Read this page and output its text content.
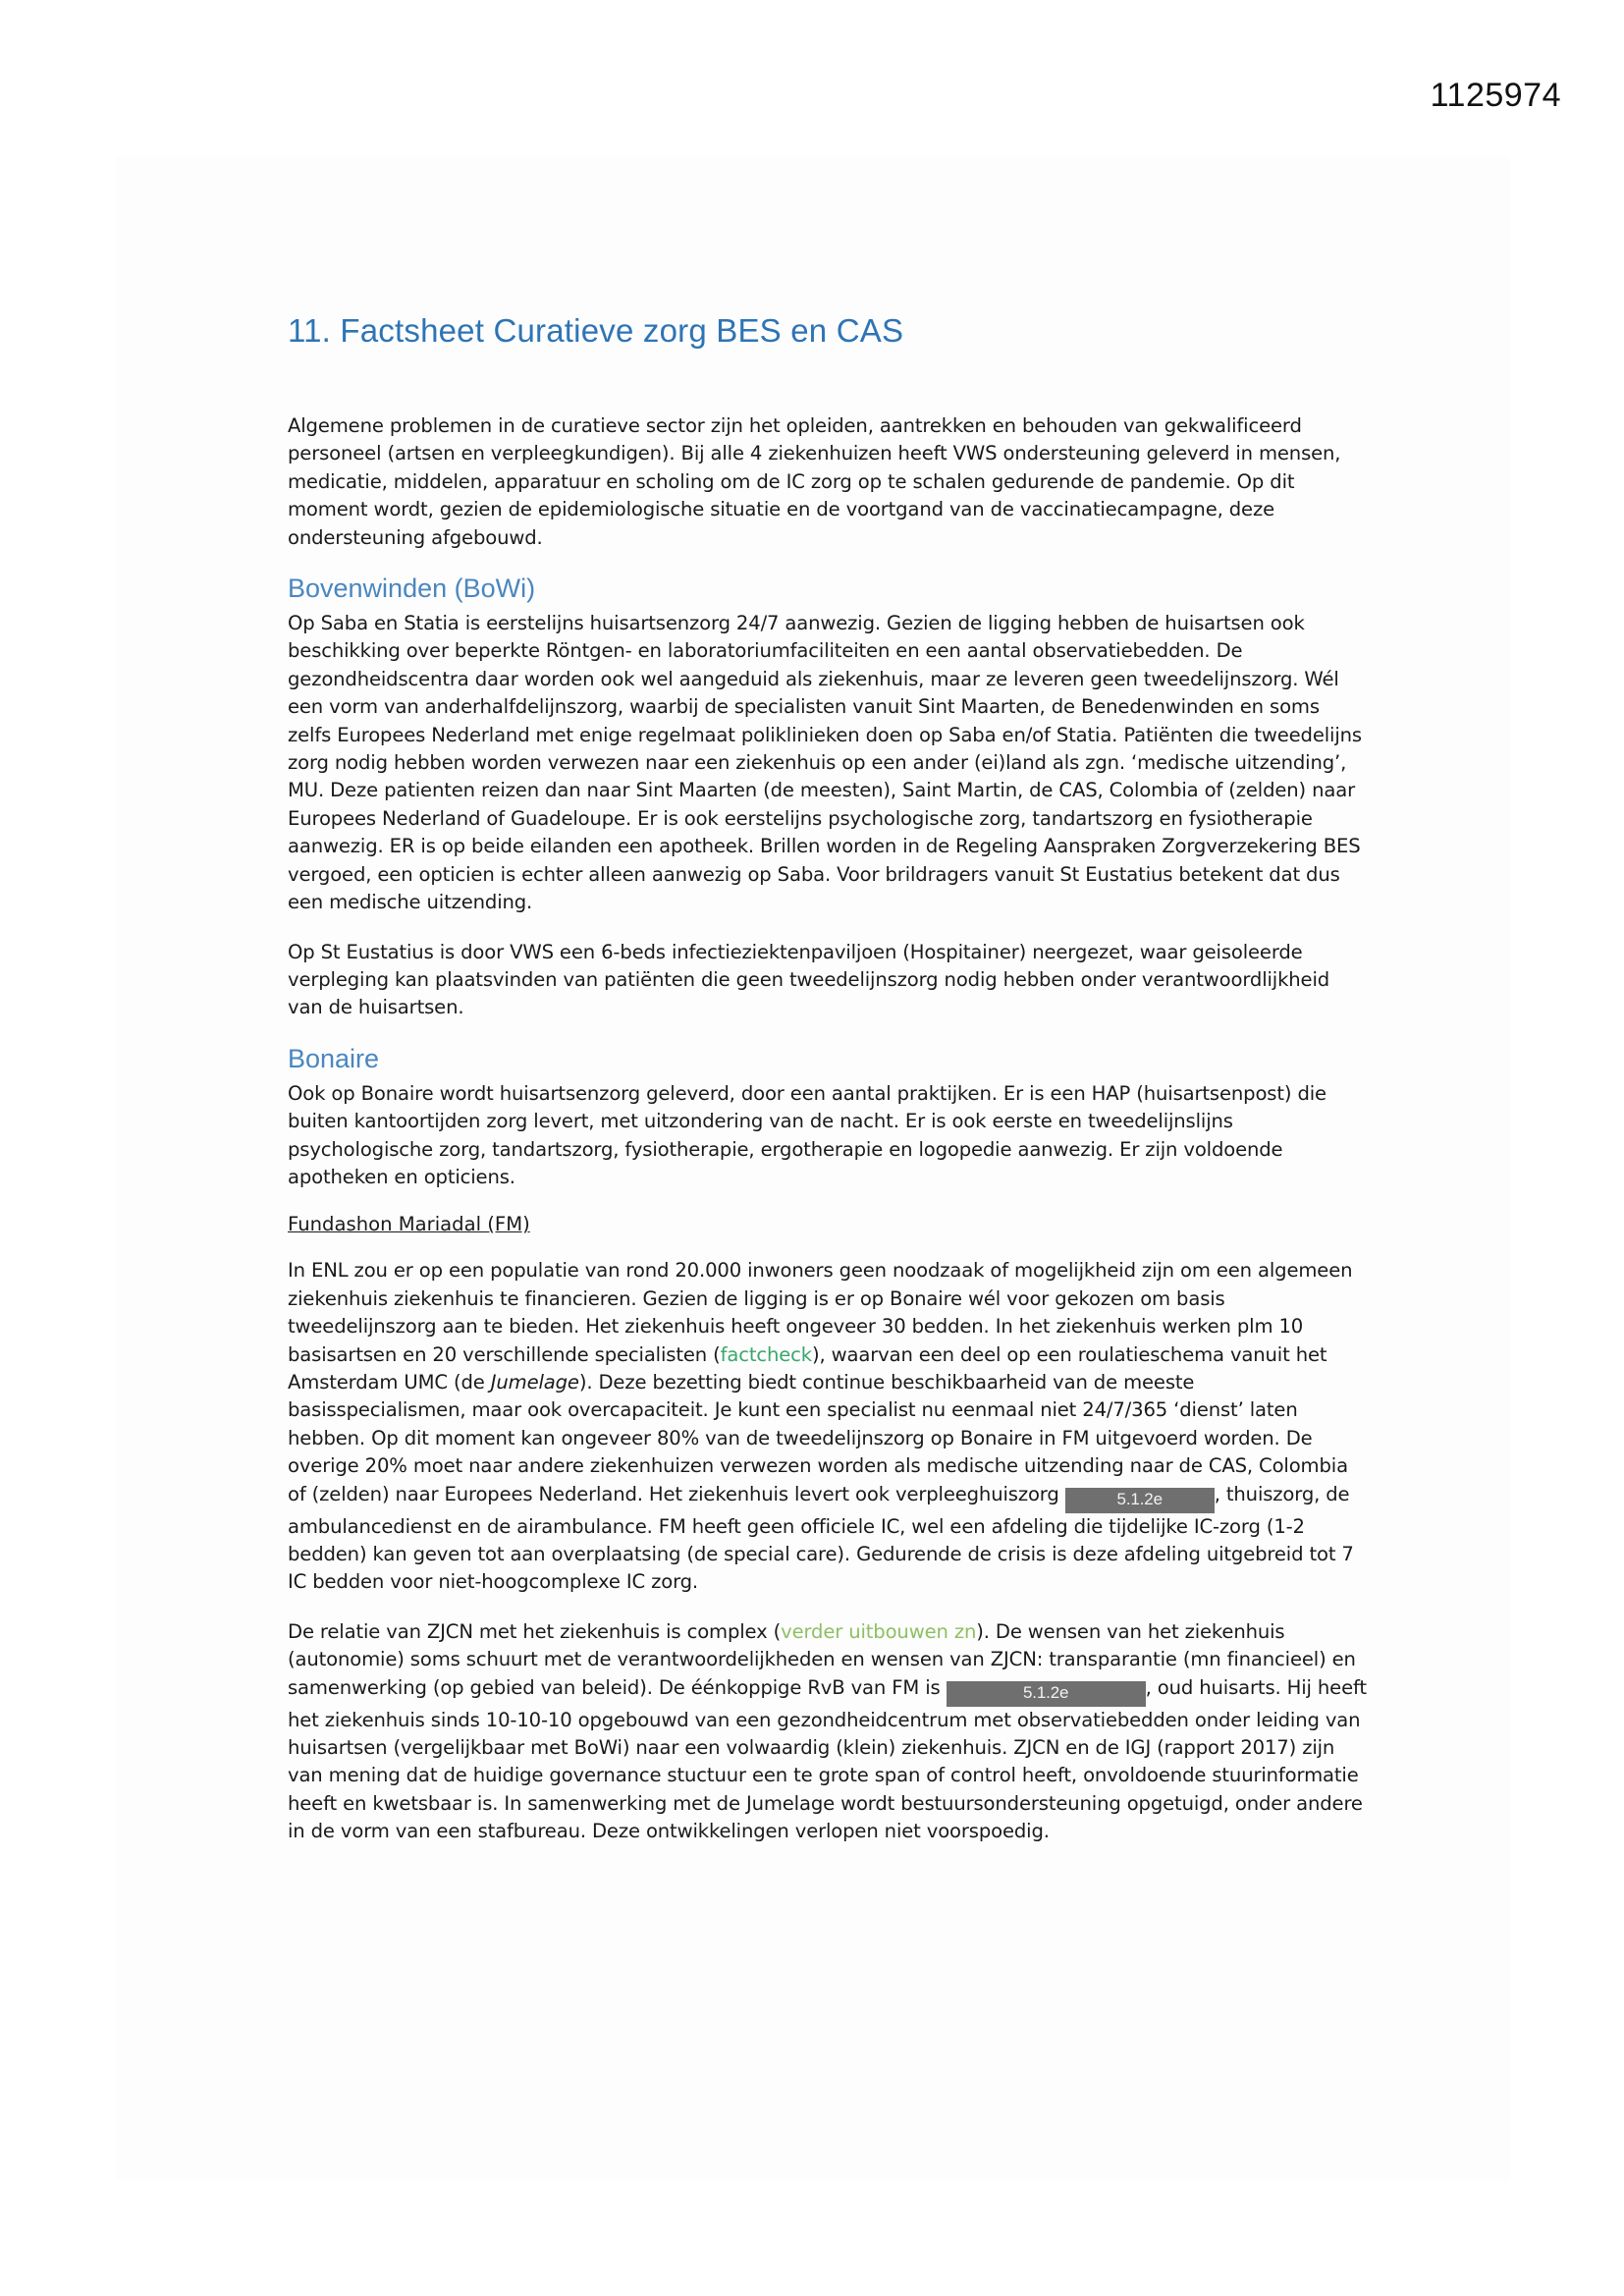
1125974
11. Factsheet Curatieve zorg BES en CAS

Algemene problemen in de curatieve sector zijn het opleiden, aantrekken en behouden van gekwalificeerd personeel (artsen en verpleegkundigen). Bij alle 4 ziekenhuizen heeft VWS ondersteuning geleverd in mensen, medicatie, middelen, apparatuur en scholing om de IC zorg op te schalen gedurende de pandemie. Op dit moment wordt, gezien de epidemiologische situatie en de voortgand van de vaccinatiecampagne, deze ondersteuning afgebouwd.

Bovenwinden (BoWi)

Op Saba en Statia is eerstelijns huisartsenzorg 24/7 aanwezig. Gezien de ligging hebben de huisartsen ook beschikking over beperkte Röntgen- en laboratoriumfaciliteiten en een aantal observatiebedden. De gezondheidscentra daar worden ook wel aangeduid als ziekenhuis, maar ze leveren geen tweedelijnszorg. Wél een vorm van anderhalfdelijnszorg, waarbij de specialisten vanuit Sint Maarten, de Benedenwinden en soms zelfs Europees Nederland met enige regelmaat poliklinieken doen op Saba en/of Statia. Patiënten die tweedelijns zorg nodig hebben worden verwezen naar een ziekenhuis op een ander (ei)land als zgn. ‘medische uitzending’, MU. Deze patienten reizen dan naar Sint Maarten (de meesten), Saint Martin, de CAS, Colombia of (zelden) naar Europees Nederland of Guadeloupe. Er is ook eerstelijns psychologische zorg, tandartszorg en fysiotherapie aanwezig. ER is op beide eilanden een apotheek. Brillen worden in de Regeling Aanspraken Zorgverzekering BES vergoed, een opticien is echter alleen aanwezig op Saba. Voor brildragers vanuit St Eustatius betekent dat dus een medische uitzending.

Op St Eustatius is door VWS een 6-beds infectieziektenpaviljoen (Hospitainer) neergezet, waar geisoleerde verpleging kan plaatsvinden van patiënten die geen tweedelijnszorg nodig hebben onder verantwoordlijkheid van de huisartsen.

Bonaire

Ook op Bonaire wordt huisartsenzorg geleverd, door een aantal praktijken. Er is een HAP (huisartsenpost) die buiten kantoortijden zorg levert, met uitzondering van de nacht. Er is ook eerste en tweedelijnslijns psychologische zorg, tandartszorg, fysiotherapie, ergotherapie en logopedie aanwezig. Er zijn voldoende apotheken en opticiens.

Fundashon Mariadal (FM)

In ENL zou er op een populatie van rond 20.000 inwoners geen noodzaak of mogelijkheid zijn om een algemeen ziekenhuis ziekenhuis te financieren. Gezien de ligging is er op Bonaire wél voor gekozen om basis tweedelijnszorg aan te bieden. Het ziekenhuis heeft ongeveer 30 bedden. In het ziekenhuis werken plm 10 basisartsen en 20 verschillende specialisten (factcheck), waarvan een deel op een roulatieschema vanuit het Amsterdam UMC (de Jumelage). Deze bezetting biedt continue beschikbaarheid van de meeste basisspecialismen, maar ook overcapaciteit. Je kunt een specialist nu eenmaal niet 24/7/365 ‘dienst’ laten hebben. Op dit moment kan ongeveer 80% van de tweedelijnszorg op Bonaire in FM uitgevoerd worden. De overige 20% moet naar andere ziekenhuizen verwezen worden als medische uitzending naar de CAS, Colombia of (zelden) naar Europees Nederland. Het ziekenhuis levert ook verpleeghuiszorg	5.1.2e	, thuiszorg, de ambulancedienst en de airambulance. FM heeft geen officiele IC, wel een afdeling die tijdelijke IC-zorg (1-2 bedden) kan geven tot aan overplaatsing (de special care). Gedurende de crisis is deze afdeling uitgebreid tot 7 IC bedden voor niet-hoogcomplexe IC zorg.

De relatie van ZJCN met het ziekenhuis is complex (verder uitbouwen zn). De wensen van het ziekenhuis (autonomie) soms schuurt met de verantwoordelijkheden en wensen van ZJCN: transparantie (mn financieel) en samenwerking (op gebied van beleid). De éénkoppige RvB van FM is	5.1.2e	, oud huisarts. Hij heeft het ziekenhuis sinds 10-10-10 opgebouwd van een gezondheidcentrum met observatiebedden onder leiding van huisartsen (vergelijkbaar met BoWi) naar een volwaardig (klein) ziekenhuis. ZJCN en de IGJ (rapport 2017) zijn van mening dat de huidige governance stuctuur een te grote span of control heeft, onvoldoende stuurinformatie heeft en kwetsbaar is. In samenwerking met de Jumelage wordt bestuursondersteuning opgetuigd, onder andere in de vorm van een stafbureau. Deze ontwikkelingen verlopen niet voorspoedig.
